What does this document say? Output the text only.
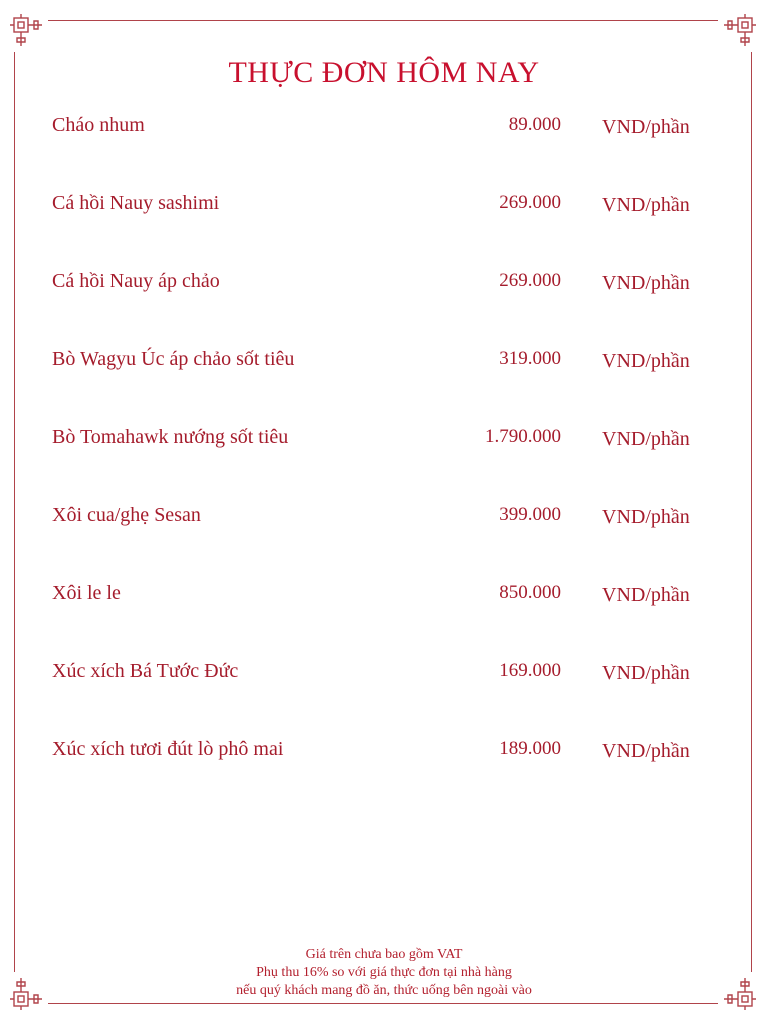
THỰC ĐƠN HÔM NAY
Cháo nhum	89.000 VND/phần
Cá hồi Nauy sashimi	269.000 VND/phần
Cá hồi Nauy áp chảo	269.000 VND/phần
Bò Wagyu Úc áp chảo sốt tiêu	319.000 VND/phần
Bò Tomahawk nướng sốt tiêu	1.790.000 VND/phần
Xôi cua/ghẹ Sesan	399.000 VND/phần
Xôi le le	850.000 VND/phần
Xúc xích Bá Tước Đức	169.000 VND/phần
Xúc xích tươi đút lò phô mai	189.000 VND/phần
Giá trên chưa bao gồm VAT
Phụ thu 16% so với giá thực đơn tại nhà hàng
nếu quý khách mang đồ ăn, thức uống bên ngoài vào
